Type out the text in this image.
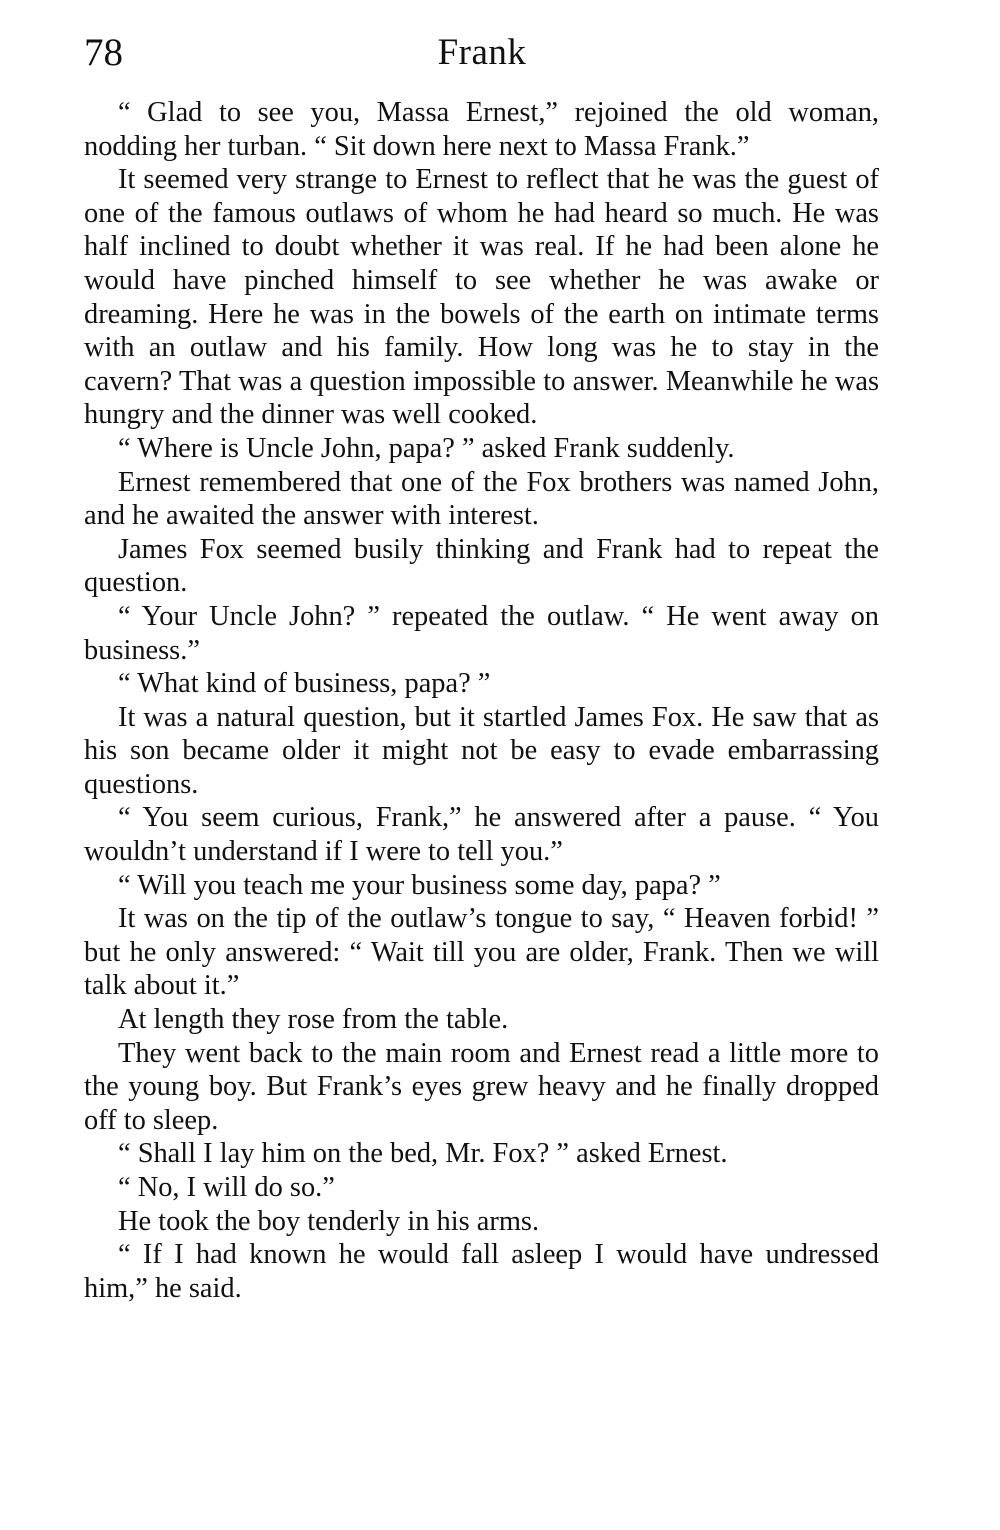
78	Frank

“ Glad to see you, Massa Ernest,” rejoined the old woman, nodding her turban. “ Sit down here next to Massa Frank.”

It seemed very strange to Ernest to reflect that he was the guest of one of the famous outlaws of whom he had heard so much. He was half inclined to doubt whether it was real. If he had been alone he would have pinched himself to see whether he was awake or dreaming. Here he was in the bowels of the earth on intimate terms with an outlaw and his family. How long was he to stay in the cavern? That was a question impossible to answer. Meanwhile he was hungry and the dinner was well cooked.

“ Where is Uncle John, papa? ” asked Frank suddenly.

Ernest remembered that one of the Fox brothers was named John, and he awaited the answer with interest.

James Fox seemed busily thinking and Frank had to repeat the question.

“ Your Uncle John? ” repeated the outlaw. “ He went away on business.”

“ What kind of business, papa? ”

It was a natural question, but it startled James Fox. He saw that as his son became older it might not be easy to evade embarrassing questions.

“ You seem curious, Frank,” he answered after a pause. “ You wouldn’t understand if I were to tell you.”

“ Will you teach me your business some day, papa? ”

It was on the tip of the outlaw’s tongue to say, “ Heaven forbid! ” but he only answered: “ Wait till you are older, Frank. Then we will talk about it.”

At length they rose from the table.

They went back to the main room and Ernest read a little more to the young boy. But Frank’s eyes grew heavy and he finally dropped off to sleep.

“ Shall I lay him on the bed, Mr. Fox? ” asked Ernest.

“ No, I will do so.”

He took the boy tenderly in his arms.

“ If I had known he would fall asleep I would have undressed him,” he said.
